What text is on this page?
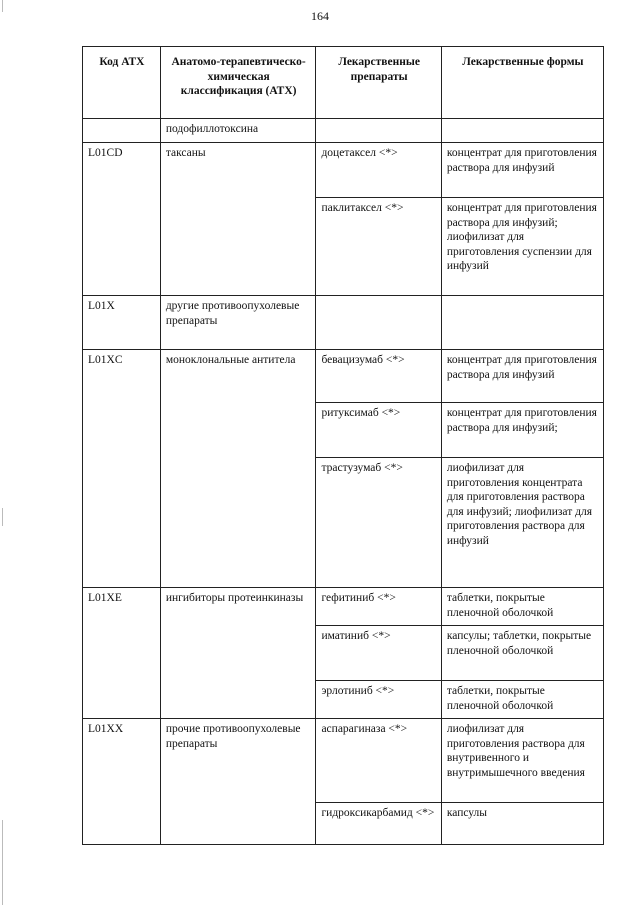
164
Код АТХ	Анатомо-терапевтическо-химическая классификация (АТХ)	Лекарственные препараты	Лекарственные формы
	подофиллотоксина		
L01CD	таксаны	доцетаксел <*>	концентрат для приготовления раствора для инфузий
		паклитаксел <*>	концентрат для приготовления раствора для инфузий; лиофилизат для приготовления суспензии для инфузий
L01X	другие противоопухолевые препараты		
L01XC	моноклональные антитела	бевацизумаб <*>	концентрат для приготовления раствора для инфузий
		ритуксимаб <*>	концентрат для приготовления раствора для инфузий;
		трастузумаб <*>	лиофилизат для приготовления концентрата для приготовления раствора для инфузий; лиофилизат для приготовления раствора для инфузий
L01XE	ингибиторы протеинкиназы	гефитиниб <*>	таблетки, покрытые пленочной оболочкой
		иматиниб <*>	капсулы; таблетки, покрытые пленочной оболочкой
		эрлотиниб <*>	таблетки, покрытые пленочной оболочкой
L01XX	прочие противоопухолевые препараты	аспарагиназа <*>	лиофилизат для приготовления раствора для внутривенного и внутримышечного введения
		гидроксикарбамид <*>	капсулы
